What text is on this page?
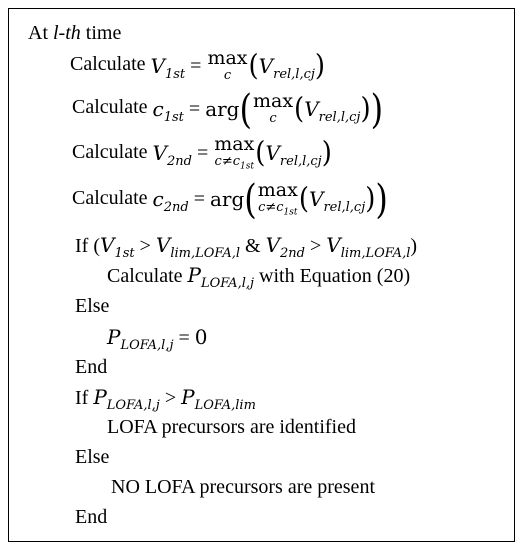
At l-th time
Calculate $V_{1st} = \max$
c $(V_{rel,l,cj})$
Calculate $c_{1st} = arg$( max
c $(V_{rel,l,cj})$)
Calculate $V_{2nd} = \max$
$c\ne c_{1st}$ $(V_{rel,l,cj})$
Calculate $c_{2nd} = arg$( max
$c\ne c_{1st}$ $(V_{rel,l,cj})$)
If ($V_{1st} > V_{lim,LOFA,l}$ & $V_{2nd} > V_{lim,LOFA,l}$)
Calculate $P_{LOFA,l,j}$ with Equation (20)
Else
$P_{LOFA,l,j} = 0$
End
If $P_{LOFA,l,j} > P_{LOFA,lim}$
LOFA precursors are identified
Else
NO LOFA precursors are present
End
